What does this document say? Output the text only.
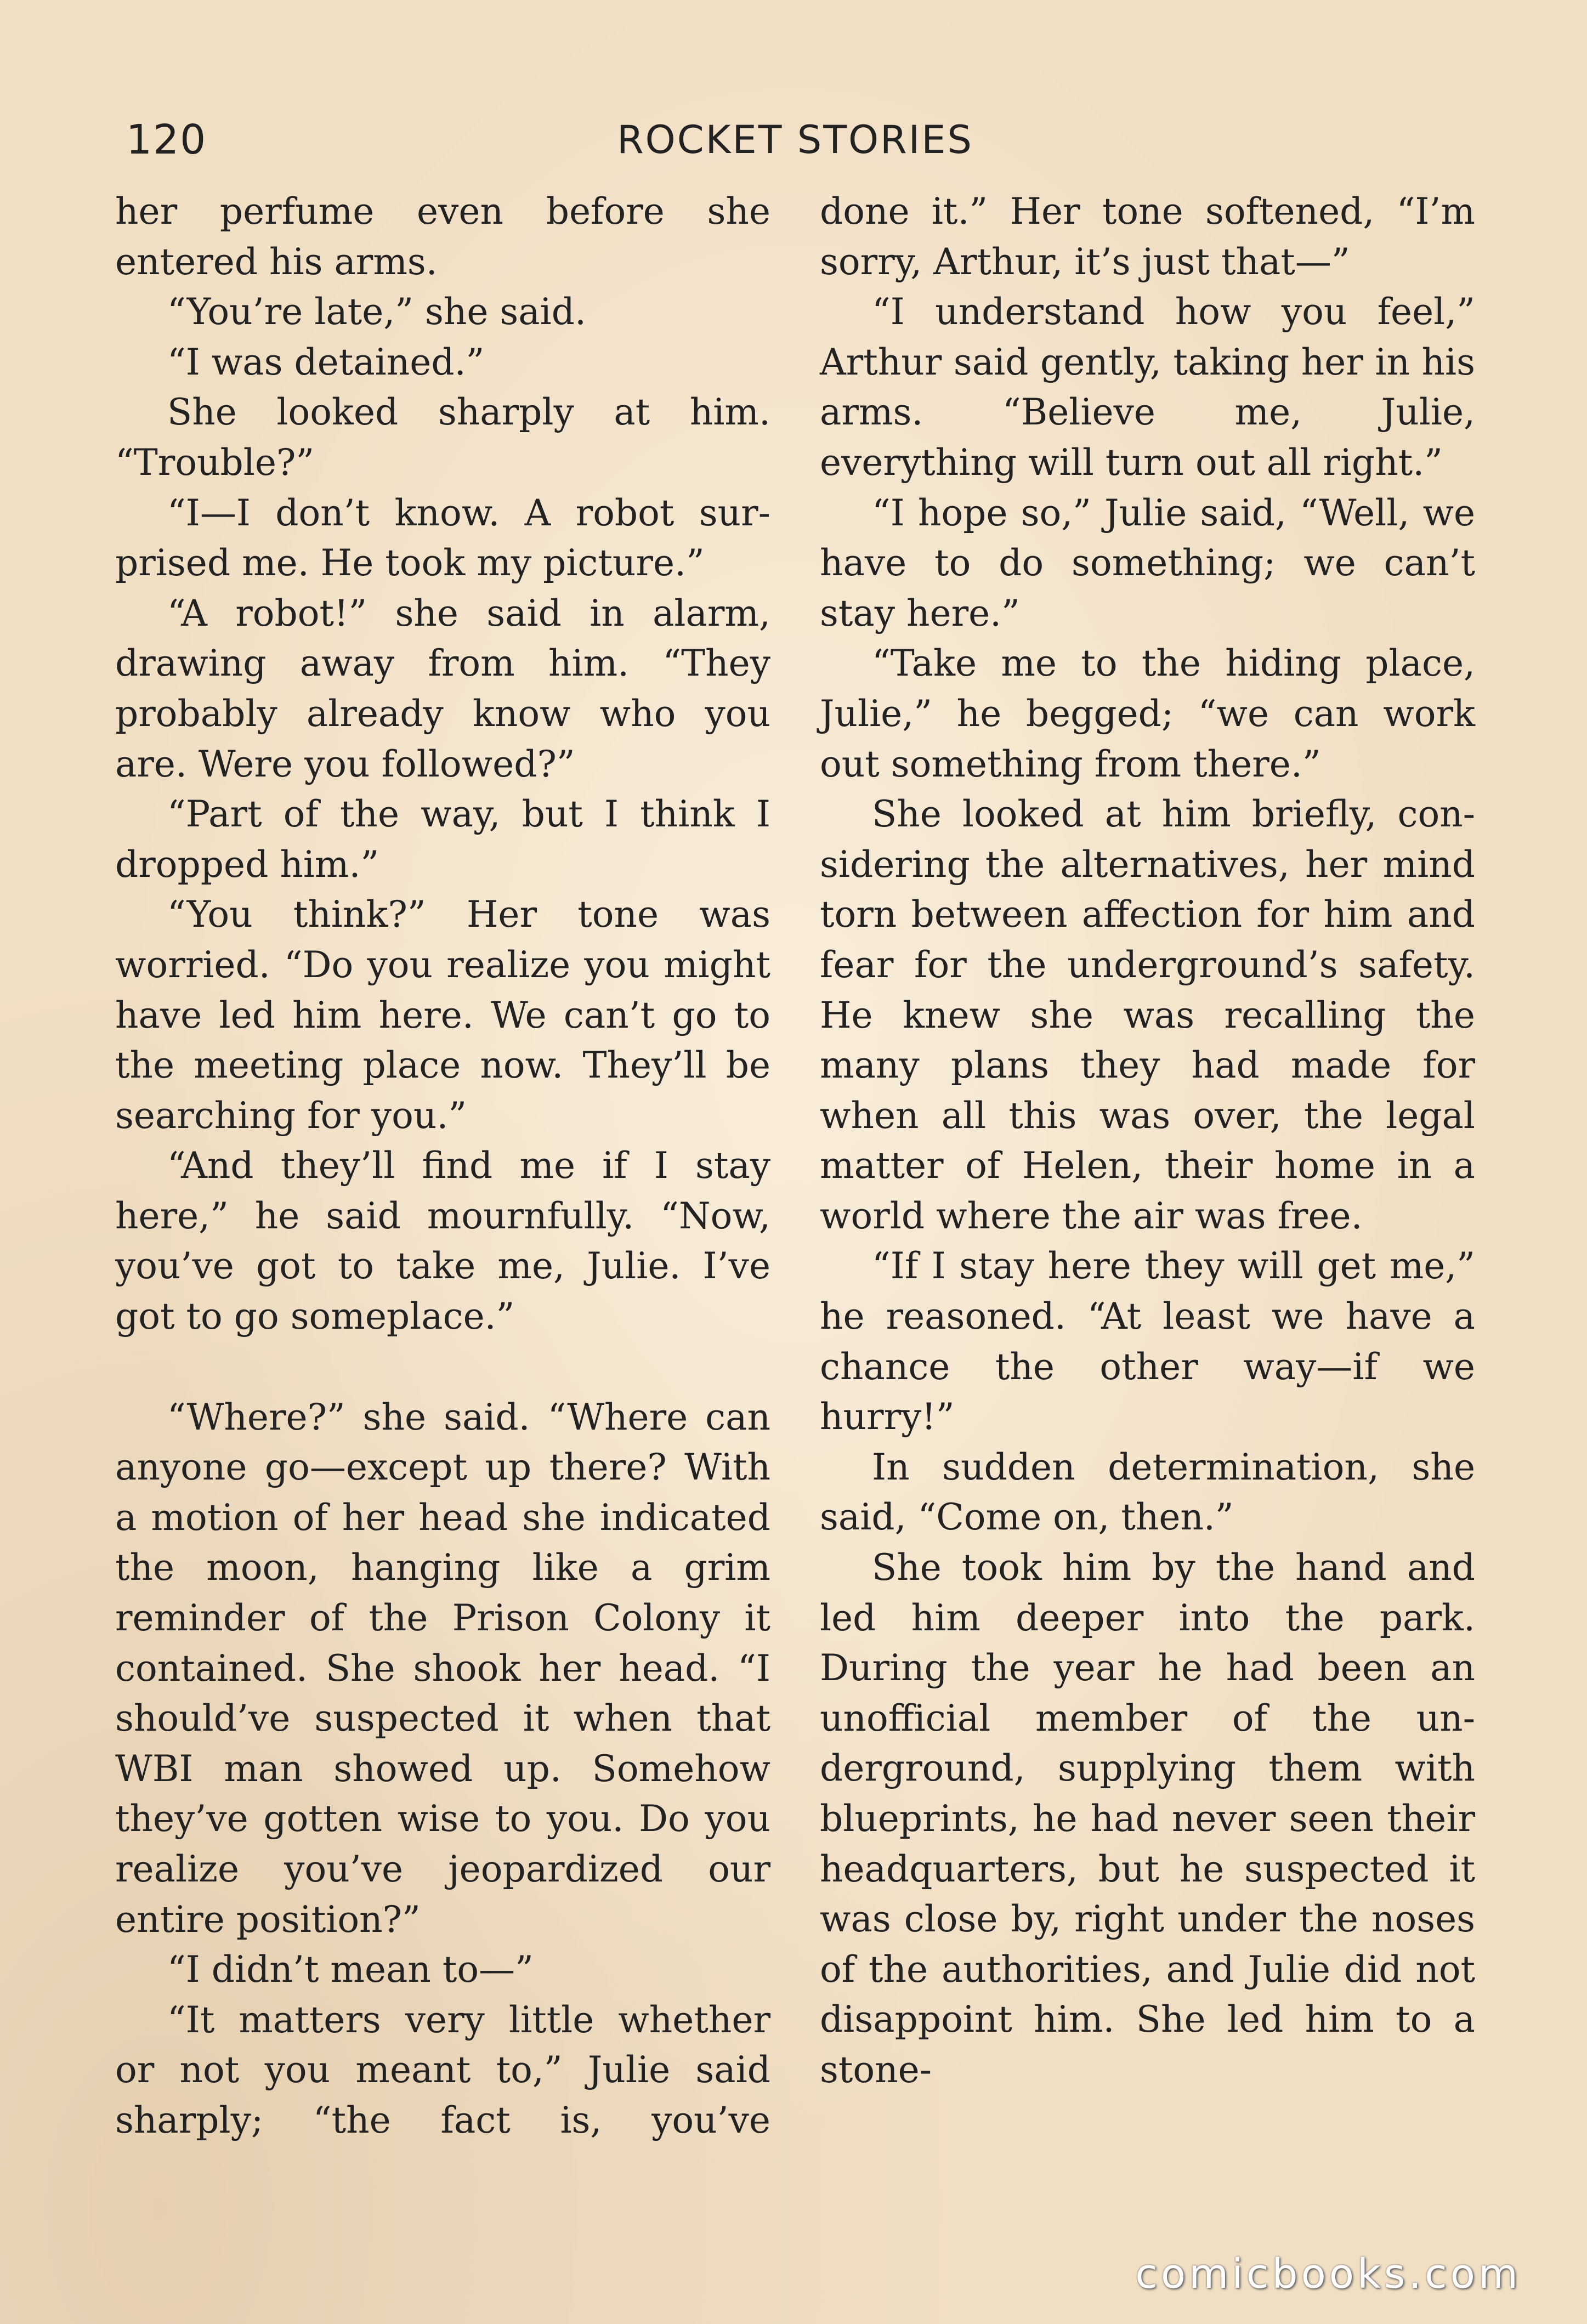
120	ROCKET STORIES

her perfume even before she entered his arms.

“You’re late,” she said.

“I was detained.”

She looked sharply at him. “Trouble?”

“I—I don’t know. A robot surprised me. He took my picture.”

“A robot!” she said in alarm, drawing away from him. “They probably already know who you are. Were you followed?”

“Part of the way, but I think I dropped him.”

“You think?” Her tone was worried. “Do you realize you might have led him here. We can’t go to the meeting place now. They’ll be searching for you.”

“And they’ll find me if I stay here,” he said mournfully. “Now, you’ve got to take me, Julie. I’ve got to go someplace.”

“Where?” she said. “Where can anyone go—except up there? With a motion of her head she indicated the moon, hanging like a grim reminder of the Prison Colony it contained. She shook her head. “I should’ve suspected it when that WBI man showed up. Somehow they’ve gotten wise to you. Do you realize you’ve jeopardized our entire position?”

“I didn’t mean to—”

“It matters very little whether or not you meant to,” Julie said sharply; “the fact is, you’ve

done it.” Her tone softened, “I’m sorry, Arthur, it’s just that—”

“I understand how you feel,” Arthur said gently, taking her in his arms. “Believe me, Julie, everything will turn out all right.”

“I hope so,” Julie said, “Well, we have to do something; we can’t stay here.”

“Take me to the hiding place, Julie,” he begged; “we can work out something from there.”

She looked at him briefly, considering the alternatives, her mind torn between affection for him and fear for the underground’s safety. He knew she was recalling the many plans they had made for when all this was over, the legal matter of Helen, their home in a world where the air was free.

“If I stay here they will get me,” he reasoned. “At least we have a chance the other way—if we hurry!”

In sudden determination, she said, “Come on, then.”

She took him by the hand and led him deeper into the park. During the year he had been an unofficial member of the underground, supplying them with blueprints, he had never seen their headquarters, but he suspected it was close by, right under the noses of the authorities, and Julie did not disappoint him. She led him to a stone-

comicbooks.com
